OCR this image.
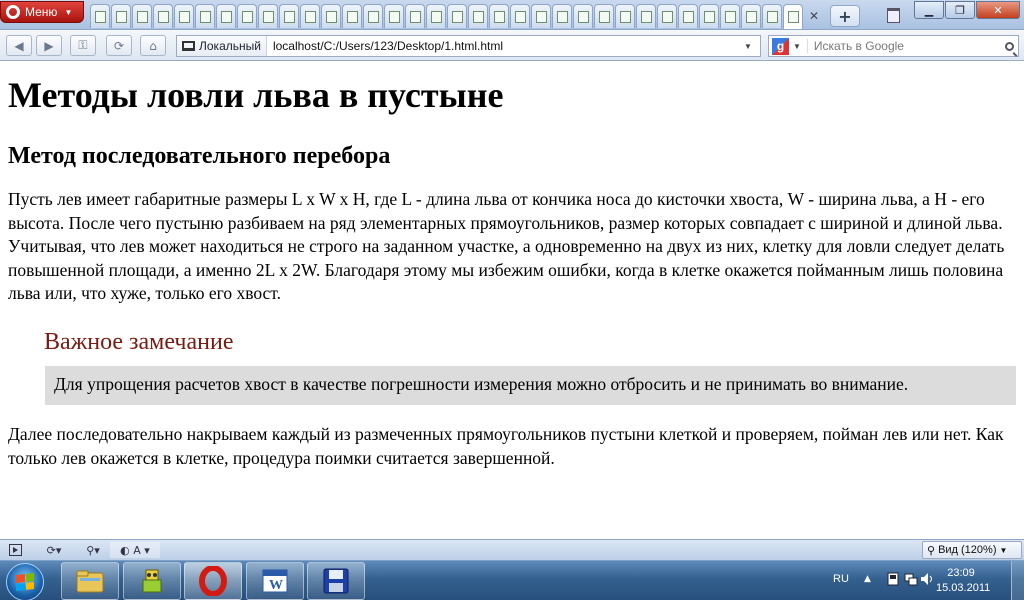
Меню ▼	✕	+	▁ ❐	✕
◀ ▶ ⚿ ⟳ ⌂	Локальный	localhost/C:/Users/123/Desktop/1.html.html	▼	g	▼	Искать в Google
Методы ловли льва в пустыне
Метод последовательного перебора

Пусть лев имеет габаритные размеры L x W x H, где L - длина льва от кончика носа до кисточки хвоста, W - ширина льва, а H - его высота. После чего пустыню разбиваем на ряд элементарных прямоугольников, размер которых совпадает с шириной и длиной льва. Учитывая, что лев может находиться не строго на заданном участке, а одновременно на двух из них, клетку для ловли следует делать повышенной площади, а именно 2L x 2W. Благодаря этому мы избежим ошибки, когда в клетке окажется пойманным лишь половина льва или, что хуже, только его хвост.

Важное замечание
Для упрощения расчетов хвост в качестве погрешности измерения можно отбросить и не принимать во внимание.

Далее последовательно накрываем каждый из размеченных прямоугольников пустыни клеткой и проверяем, пойман лев или нет. Как только лев окажется в клетке, процедура поимки считается завершенной.

⟳▾ ⚲▾ ◐ A ▾	⚲ Вид (120%) ▼
W	RU ▲	23:09
15.03.2011
